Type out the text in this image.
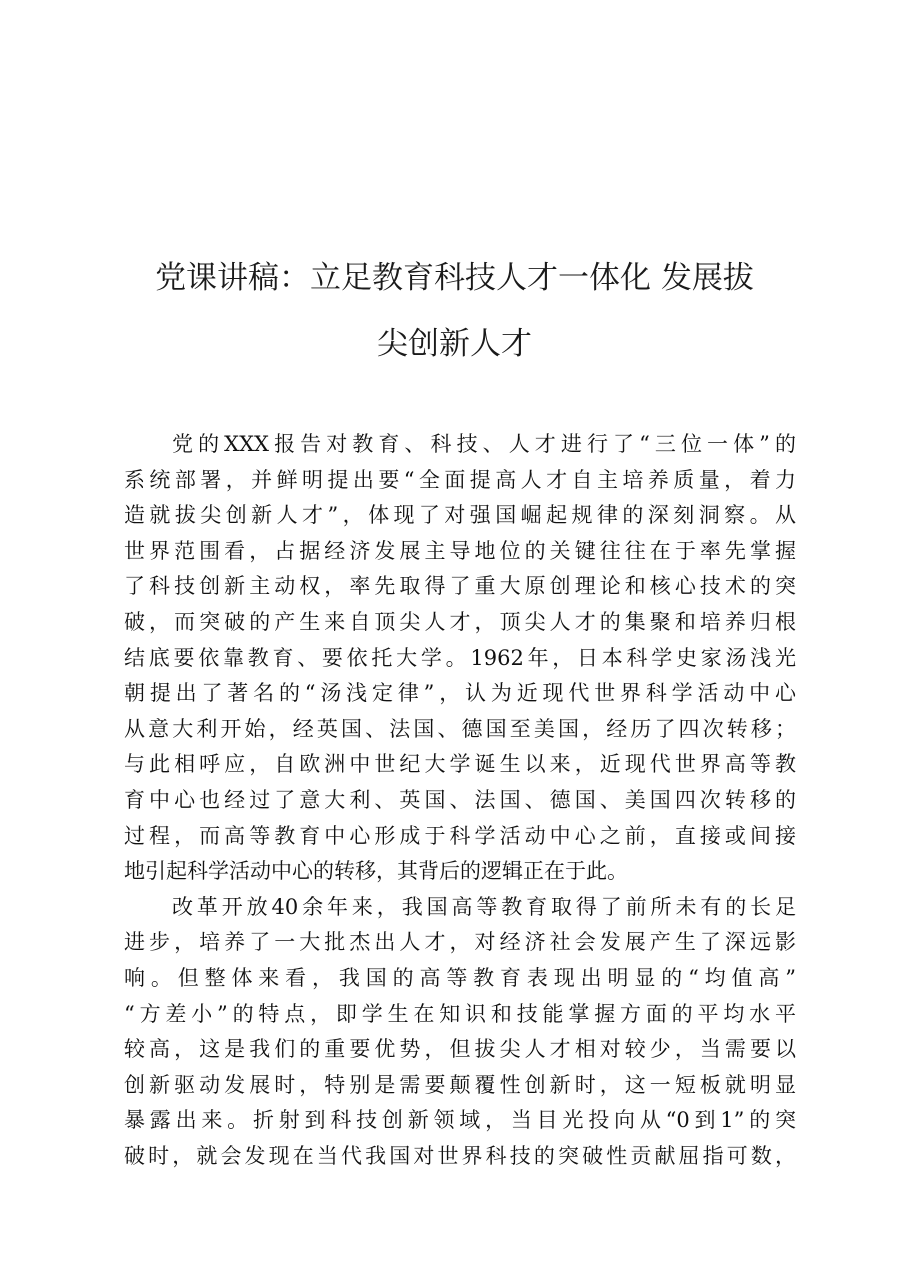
党课讲稿：立足教育科技人才一体化 发展拔
尖创新人才
党的XXX报告对教育、科技、人才进行了“三位一体”的
系统部署，并鲜明提出要“全面提高人才自主培养质量，着力
造就拔尖创新人才”，体现了对强国崛起规律的深刻洞察。从
世界范围看，占据经济发展主导地位的关键往往在于率先掌握
了科技创新主动权，率先取得了重大原创理论和核心技术的突
破，而突破的产生来自顶尖人才，顶尖人才的集聚和培养归根
结底要依靠教育、要依托大学。1962年，日本科学史家汤浅光
朝提出了著名的“汤浅定律”，认为近现代世界科学活动中心
从意大利开始，经英国、法国、德国至美国，经历了四次转移；
与此相呼应，自欧洲中世纪大学诞生以来，近现代世界高等教
育中心也经过了意大利、英国、法国、德国、美国四次转移的
过程，而高等教育中心形成于科学活动中心之前，直接或间接
地引起科学活动中心的转移，其背后的逻辑正在于此。
改革开放40余年来，我国高等教育取得了前所未有的长足
进步，培养了一大批杰出人才，对经济社会发展产生了深远影
响。但整体来看，我国的高等教育表现出明显的“均值高”
“方差小”的特点，即学生在知识和技能掌握方面的平均水平
较高，这是我们的重要优势，但拔尖人才相对较少，当需要以
创新驱动发展时，特别是需要颠覆性创新时，这一短板就明显
暴露出来。折射到科技创新领域，当目光投向从“0到1”的突
破时，就会发现在当代我国对世界科技的突破性贡献屈指可数，
